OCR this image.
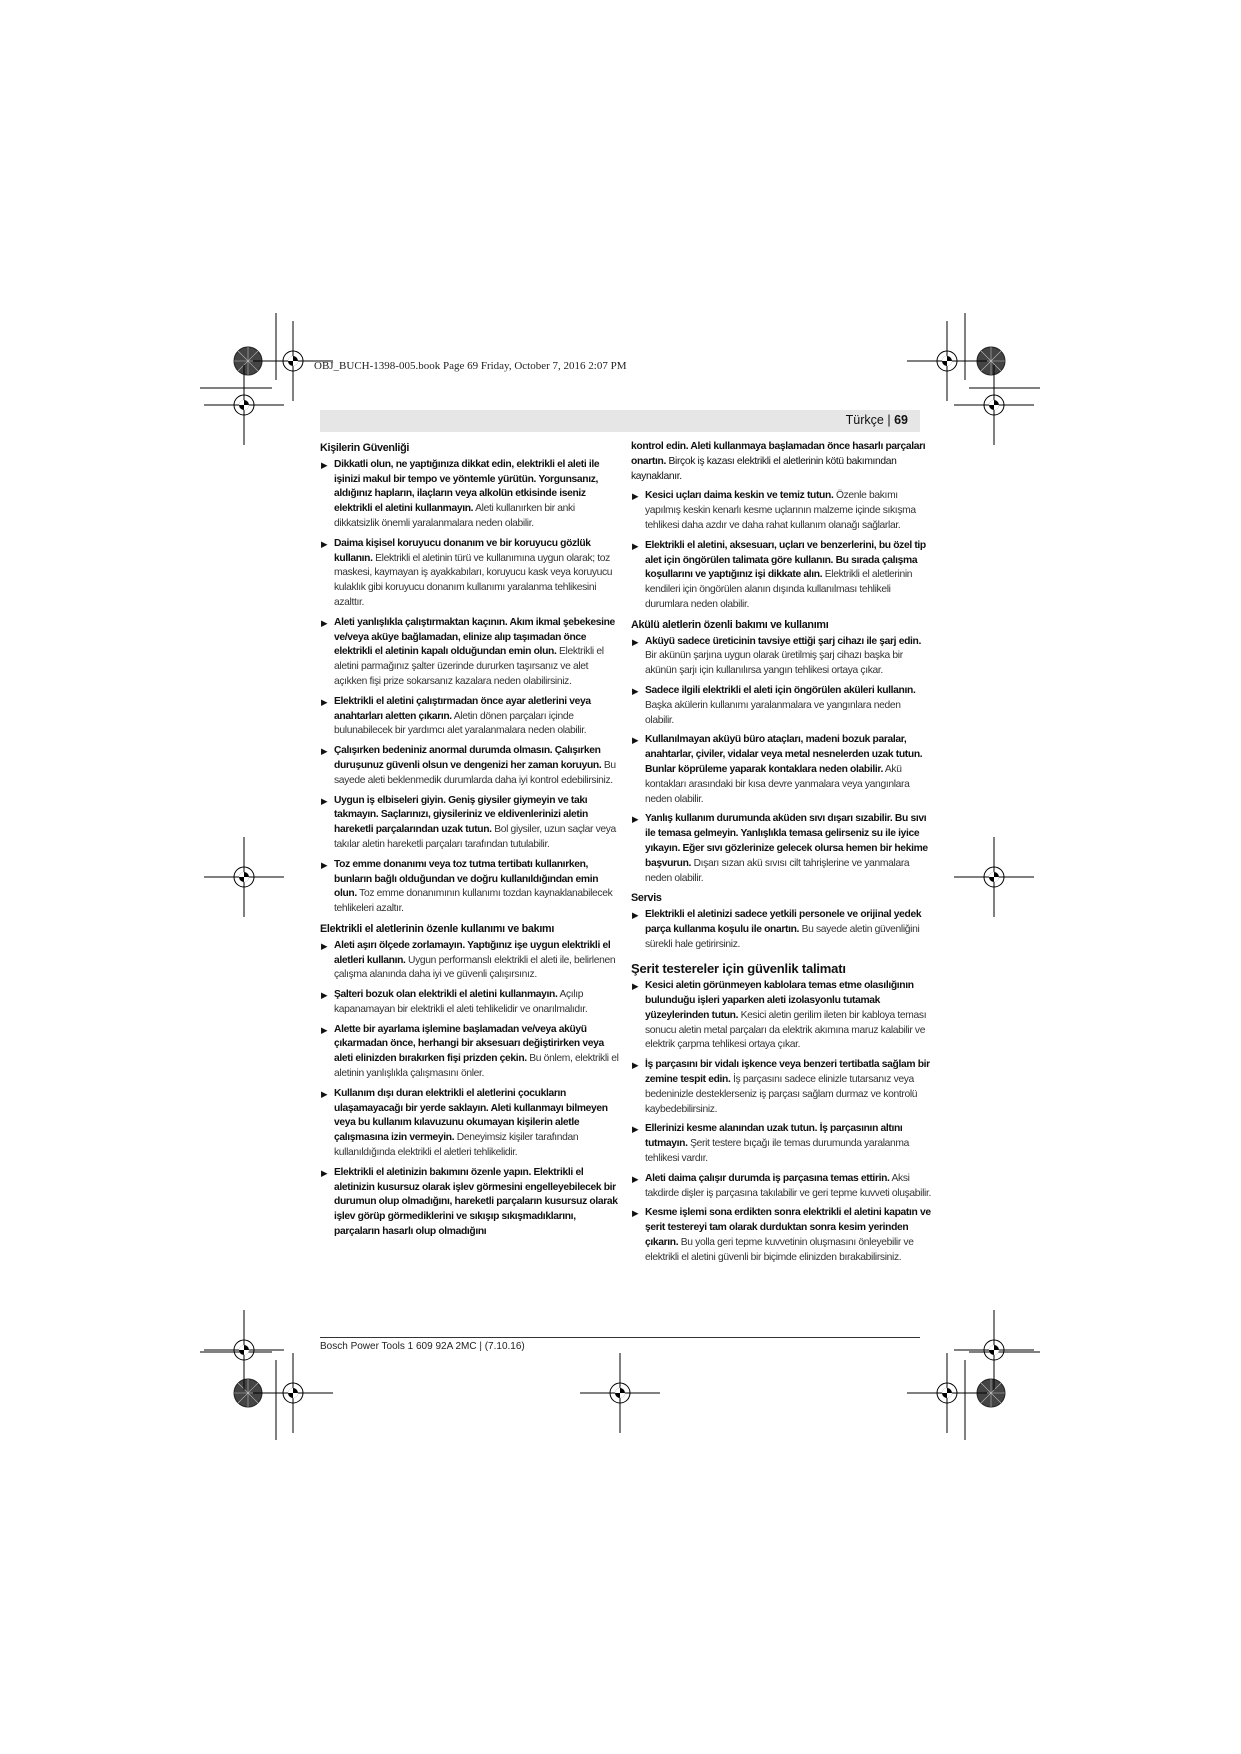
OBJ_BUCH-1398-005.book Page 69 Friday, October 7, 2016 2:07 PM
Türkçe | 69
Kişilerin Güvenliği
▶ Dikkatli olun, ne yaptığınıza dikkat edin, elektrikli el aleti ile işinizi makul bir tempo ve yöntemle yürütün. Yorgunsanız, aldığınız hapların, ilaçların veya alkolün etkisinde iseniz elektrikli el aletini kullanmayın. Aleti kullanırken bir anki dikkatsizlik önemli yaralanmalara neden olabilir.
▶ Daima kişisel koruyucu donanım ve bir koruyucu gözlük kullanın. Elektrikli el aletinin türü ve kullanımına uygun olarak; toz maskesi, kaymayan iş ayakkabıları, koruyucu kask veya koruyucu kulaklık gibi koruyucu donanım kullanımı yaralanma tehlikesini azalttır.
▶ Aleti yanlışlıkla çalıştırmaktan kaçının. Akım ikmal şebekesine ve/veya aküye bağlamadan, elinize alıp taşımadan önce elektrikli el aletinin kapalı olduğundan emin olun. Elektrikli el aletini parmağınız şalter üzerinde dururken taşırsanız ve alet açıkken fişi prize sokarsanız kazalara neden olabilirsiniz.
▶ Elektrikli el aletini çalıştırmadan önce ayar aletlerini veya anahtarları aletten çıkarın. Aletin dönen parçaları içinde bulunabilecek bir yardımcı alet yaralanmalara neden olabilir.
▶ Çalışırken bedeniniz anormal durumda olmasın. Çalışırken duruşunuz güvenli olsun ve dengenizi her zaman koruyun. Bu sayede aleti beklenmedik durumlarda daha iyi kontrol edebilirsiniz.
▶ Uygun iş elbiseleri giyin. Geniş giysiler giymeyin ve takı takmayın. Saçlarınızı, giysileriniz ve eldivenlerinizi aletin hareketli parçalarından uzak tutun. Bol giysiler, uzun saçlar veya takılar aletin hareketli parçaları tarafından tutulabilir.
▶ Toz emme donanımı veya toz tutma tertibatı kullanırken, bunların bağlı olduğundan ve doğru kullanıldığından emin olun. Toz emme donanımının kullanımı tozdan kaynaklanabilecek tehlikeleri azaltır.
Elektrikli el aletlerinin özenle kullanımı ve bakımı
▶ Aleti aşırı ölçede zorlamayın. Yaptığınız işe uygun elektrikli el aletleri kullanın. Uygun performanslı elektrikli el aleti ile, belirlenen çalışma alanında daha iyi ve güvenli çalışırsınız.
▶ Şalteri bozuk olan elektrikli el aletini kullanmayın. Açılıp kapanamayan bir elektrikli el aleti tehlikelidir ve onarılmalıdır.
▶ Alette bir ayarlama işlemine başlamadan ve/veya aküyü çıkarmadan önce, herhangi bir aksesuarı değiştirirken veya aleti elinizden bırakırken fişi prizden çekin. Bu önlem, elektrikli el aletinin yanlışlıkla çalışmasını önler.
▶ Kullanım dışı duran elektrikli el aletlerini çocukların ulaşamayacağı bir yerde saklayın. Aleti kullanmayı bilmeyen veya bu kullanım kılavuzunu okumayan kişilerin aletle çalışmasına izin vermeyin. Deneyimsiz kişiler tarafından kullanıldığında elektrikli el aletleri tehlikelidir.
▶ Elektrikli el aletinizin bakımını özenle yapın. Elektrikli el aletinizin kusursuz olarak işlev görmesini engelleyebilecek bir durumun olup olmadığını, hareketli parçaların kusursuz olarak işlev görüp görmediklerini ve sıkışıp sıkışmadıklarını, parçaların hasarlı olup olmadığını
kontrol edin. Aleti kullanmaya başlamadan önce hasarlı parçaları onartın. Birçok iş kazası elektrikli el aletlerinin kötü bakımından kaynaklanır.
▶ Kesici uçları daima keskin ve temiz tutun. Özenle bakımı yapılmış keskin kenarlı kesme uçlarının malzeme içinde sıkışma tehlikesi daha azdır ve daha rahat kullanım olanağı sağlarlar.
▶ Elektrikli el aletini, aksesuarı, uçları ve benzerlerini, bu özel tip alet için öngörülen talimata göre kullanın. Bu sırada çalışma koşullarını ve yaptığınız işi dikkate alın. Elektrikli el aletlerinin kendileri için öngörülen alanın dışında kullanılması tehlikeli durumlara neden olabilir.
Akülü aletlerin özenli bakımı ve kullanımı
▶ Aküyü sadece üreticinin tavsiye ettiği şarj cihazı ile şarj edin. Bir akünün şarjına uygun olarak üretilmiş şarj cihazı başka bir akünün şarjı için kullanılırsa yangın tehlikesi ortaya çıkar.
▶ Sadece ilgili elektrikli el aleti için öngörülen aküleri kullanın. Başka akülerin kullanımı yaralanmalara ve yangınlara neden olabilir.
▶ Kullanılmayan aküyü büro ataçları, madeni bozuk paralar, anahtarlar, çiviler, vidalar veya metal nesnelerden uzak tutun. Bunlar köprüleme yaparak kontaklara neden olabilir. Akü kontakları arasındaki bir kısa devre yanmalara veya yangınlara neden olabilir.
▶ Yanlış kullanım durumunda aküden sıvı dışarı sızabilir. Bu sıvı ile temasa gelmeyin. Yanlışlıkla temasa gelirseniz su ile iyice yıkayın. Eğer sıvı gözlerinize gelecek olursa hemen bir hekime başvurun. Dışarı sızan akü sıvısı cilt tahrişlerine ve yanmalara neden olabilir.
Servis
▶ Elektrikli el aletinizi sadece yetkili personele ve orijinal yedek parça kullanma koşulu ile onartın. Bu sayede aletin güvenliğini sürekli hale getirirsiniz.
Şerit testereler için güvenlik talimatı
▶ Kesici aletin görünmeyen kablolara temas etme olasılığının bulunduğu işleri yaparken aleti izolasyonlu tutamak yüzeylerinden tutun. Kesici aletin gerilim ileten bir kabloya teması sonucu aletin metal parçaları da elektrik akımına maruz kalabilir ve elektrik çarpma tehlikesi ortaya çıkar.
▶ İş parçasını bir vidalı işkence veya benzeri tertibatla sağlam bir zemine tespit edin. İş parçasını sadece elinizle tutarsanız veya bedeninizle desteklerseniz iş parçası sağlam durmaz ve kontrolü kaybedebilirsiniz.
▶ Ellerinizi kesme alanından uzak tutun. İş parçasının altını tutmayın. Şerit testere bıçağı ile temas durumunda yaralanma tehlikesi vardır.
▶ Aleti daima çalışır durumda iş parçasına temas ettirin. Aksi takdirde dişler iş parçasına takılabilir ve geri tepme kuvveti oluşabilir.
▶ Kesme işlemi sona erdikten sonra elektrikli el aletini kapatın ve şerit testereyi tam olarak durduktan sonra kesim yerinden çıkarın. Bu yolla geri tepme kuvvetinin oluşmasını önleyebilir ve elektrikli el aletini güvenli bir biçimde elinizden bırakabilirsiniz.
Bosch Power Tools 1 609 92A 2MC | (7.10.16)
